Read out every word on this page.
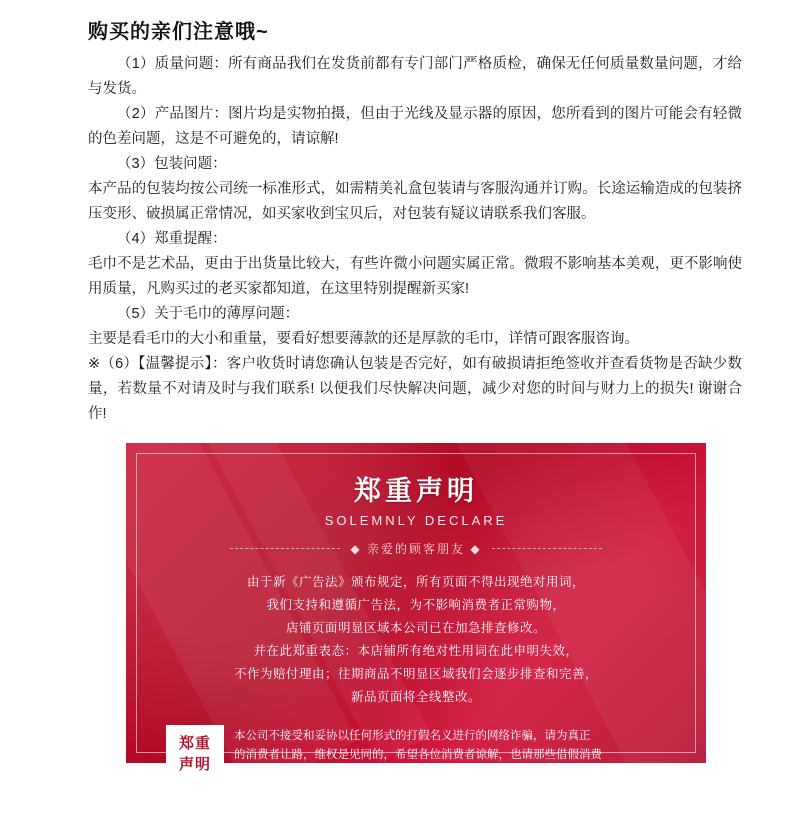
购买的亲们注意哦~

（1）质量问题：所有商品我们在发货前都有专门部门严格质检，确保无任何质量数量问题，才给与发货。

（2）产品图片：图片均是实物拍摄，但由于光线及显示器的原因，您所看到的图片可能会有轻微的色差问题，这是不可避免的，请谅解!

（3）包装问题：

本产品的包装均按公司统一标准形式，如需精美礼盒包装请与客服沟通并订购。长途运输造成的包装挤压变形、破损属正常情况，如买家收到宝贝后，对包装有疑议请联系我们客服。

（4）郑重提醒：

毛巾不是艺术品，更由于出货量比较大，有些许微小问题实属正常。微瑕不影响基本美观，更不影响使用质量，凡购买过的老买家都知道，在这里特别提醒新买家!

（5）关于毛巾的薄厚问题：

主要是看毛巾的大小和重量，要看好想要薄款的还是厚款的毛巾，详情可跟客服咨询。

※（6）【温馨提示】：客户收货时请您确认包装是否完好，如有破损请拒绝签收并查看货物是否缺少数量，若数量不对请及时与我们联系! 以便我们尽快解决问题，减少对您的时间与财力上的损失! 谢谢合作!

郑重声明
SOLEMNLY DECLARE
◆ 亲爱的顾客朋友 ◆

由于新《广告法》颁布规定，所有页面不得出现绝对用词，

我们支持和遵循广告法，为不影响消费者正常购物，

店铺页面明显区域本公司已在加急排查修改。

并在此郑重表态：本店铺所有绝对性用词在此申明失效，

不作为赔付理由；往期商品不明显区域我们会逐步排查和完善，

新品页面将全线整改。

郑重
声明

本公司不接受和妥协以任何形式的打假名义进行的网络诈骗，请为真正

的消费者让路，维权是见同的，希望各位消费者谅解，也请那些借假消费

不正当利益的人士高抬贵手，在此万分感谢!
